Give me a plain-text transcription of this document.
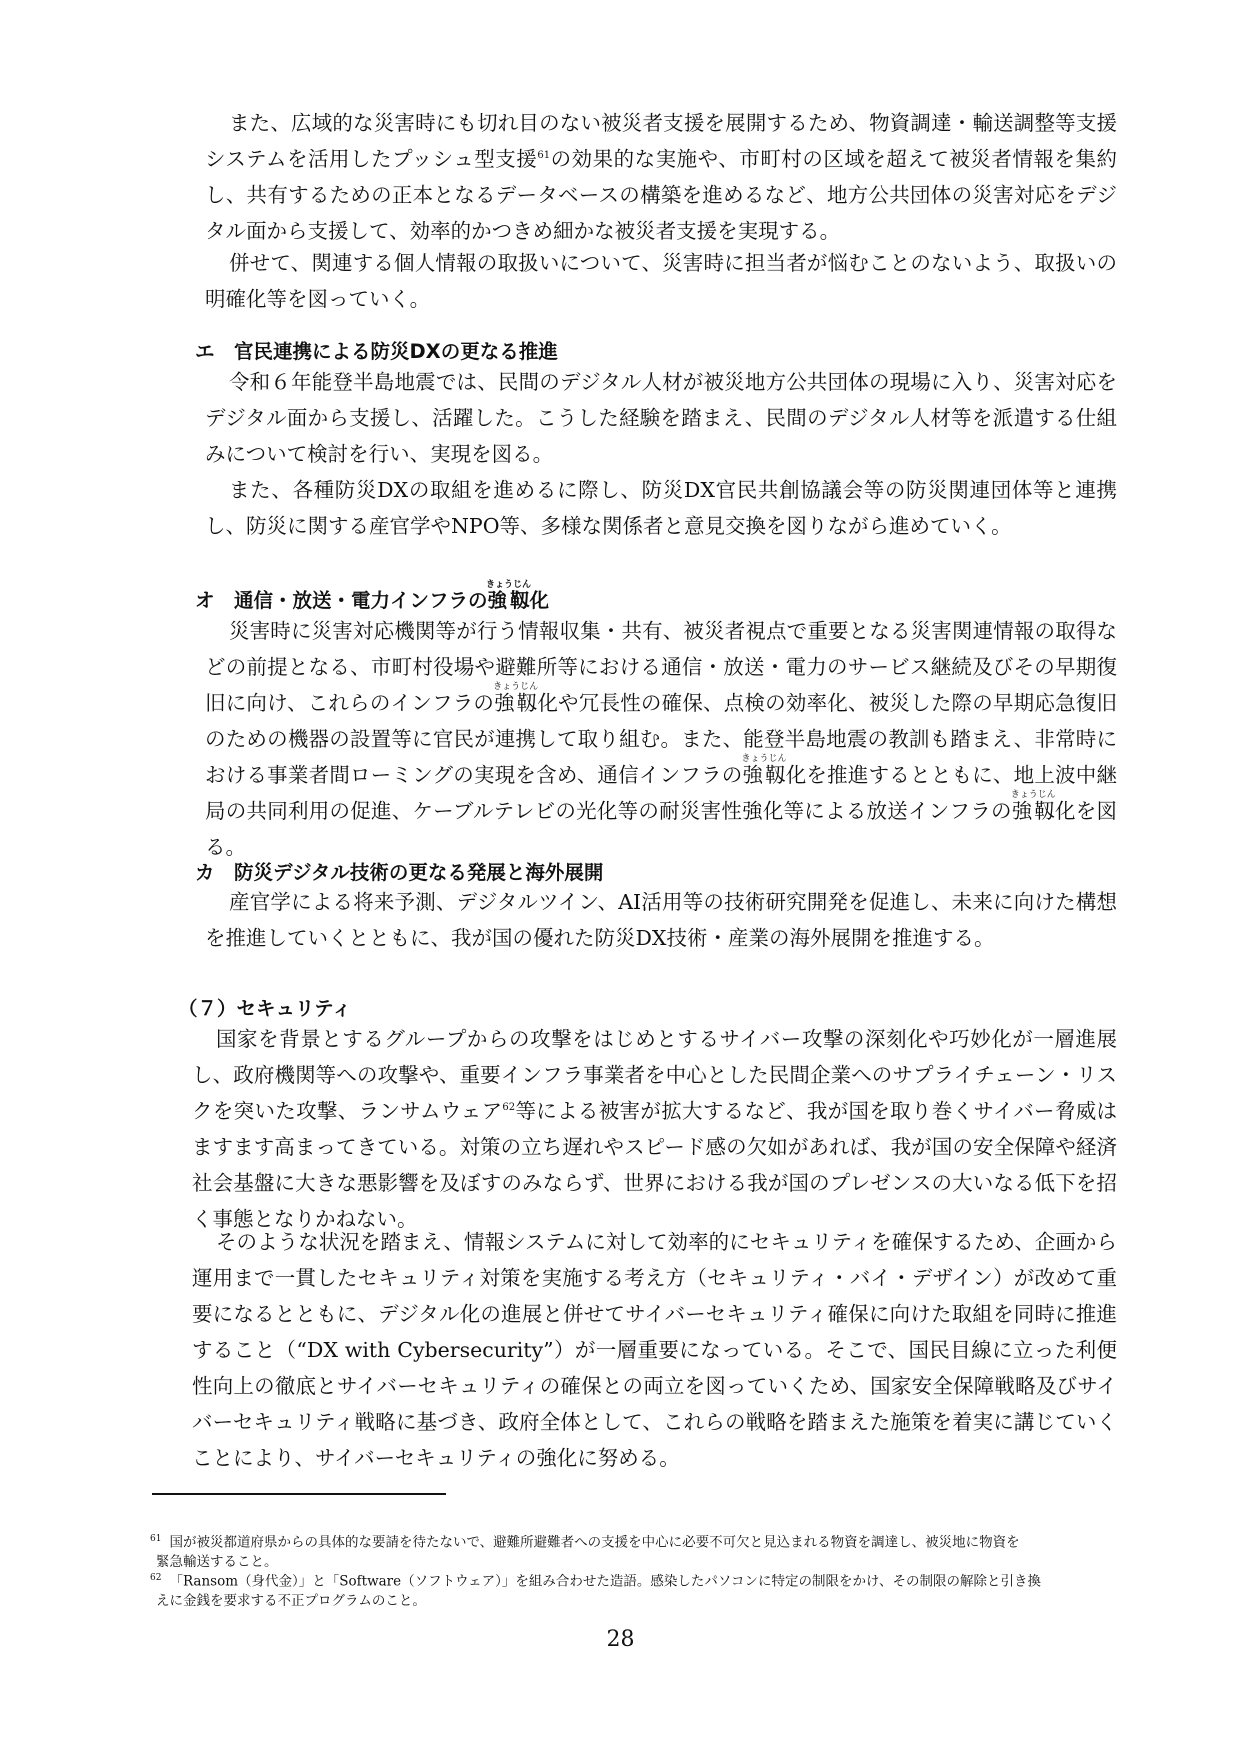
また、広域的な災害時にも切れ目のない被災者支援を展開するため、物資調達・輸送調整等支援システムを活用したプッシュ型支援$^{61}$の効果的な実施や、市町村の区域を超えて被災者情報を集約し、共有するための正本となるデータベースの構築を進めるなど、地方公共団体の災害対応をデジタル面から支援して、効率的かつきめ細かな被災者支援を実現する。

併せて、関連する個人情報の取扱いについて、災害時に担当者が悩むことのないよう、取扱いの明確化等を図っていく。

エ　官民連携による防災DXの更なる推進

令和６年能登半島地震では、民間のデジタル人材が被災地方公共団体の現場に入り、災害対応をデジタル面から支援し、活躍した。こうした経験を踏まえ、民間のデジタル人材等を派遣する仕組みについて検討を行い、実現を図る。

また、各種防災DXの取組を進めるに際し、防災DX官民共創協議会等の防災関連団体等と連携し、防災に関する産官学やNPO等、多様な関係者と意見交換を図りながら進めていく。

オ　通信・放送・電力インフラの強靱きょうじん化

災害時に災害対応機関等が行う情報収集・共有、被災者視点で重要となる災害関連情報の取得などの前提となる、市町村役場や避難所等における通信・放送・電力のサービス継続及びその早期復旧に向け、これらのインフラの強靱きょうじん化や冗長性の確保、点検の効率化、被災した際の早期応急復旧のための機器の設置等に官民が連携して取り組む。また、能登半島地震の教訓も踏まえ、非常時における事業者間ローミングの実現を含め、通信インフラの強靱きょうじん化を推進するとともに、地上波中継局の共同利用の促進、ケーブルテレビの光化等の耐災害性強化等による放送インフラの強靱きょうじん化を図る。

カ　防災デジタル技術の更なる発展と海外展開

産官学による将来予測、デジタルツイン、AI活用等の技術研究開発を促進し、未来に向けた構想を推進していくとともに、我が国の優れた防災DX技術・産業の海外展開を推進する。

（７）セキュリティ

国家を背景とするグループからの攻撃をはじめとするサイバー攻撃の深刻化や巧妙化が一層進展し、政府機関等への攻撃や、重要インフラ事業者を中心とした民間企業へのサプライチェーン・リスクを突いた攻撃、ランサムウェア$^{62}$等による被害が拡大するなど、我が国を取り巻くサイバー脅威はますます高まってきている。対策の立ち遅れやスピード感の欠如があれば、我が国の安全保障や経済社会基盤に大きな悪影響を及ぼすのみならず、世界における我が国のプレゼンスの大いなる低下を招く事態となりかねない。

そのような状況を踏まえ、情報システムに対して効率的にセキュリティを確保するため、企画から運用まで一貫したセキュリティ対策を実施する考え方（セキュリティ・バイ・デザイン）が改めて重要になるとともに、デジタル化の進展と併せてサイバーセキュリティ確保に向けた取組を同時に推進すること（“DX with Cybersecurity”）が一層重要になっている。そこで、国民目線に立った利便性向上の徹底とサイバーセキュリティの確保との両立を図っていくため、国家安全保障戦略及びサイバーセキュリティ戦略に基づき、政府全体として、これらの戦略を踏まえた施策を着実に講じていくことにより、サイバーセキュリティの強化に努める。

$^{61}$ 国が被災都道府県からの具体的な要請を待たないで、避難所避難者への支援を中心に必要不可欠と見込まれる物資を調達し、被災地に物資を
緊急輸送すること。

$^{62}$ 「Ransom（身代金）」と「Software（ソフトウェア）」を組み合わせた造語。感染したパソコンに特定の制限をかけ、その制限の解除と引き換
えに金銭を要求する不正プログラムのこと。

28
